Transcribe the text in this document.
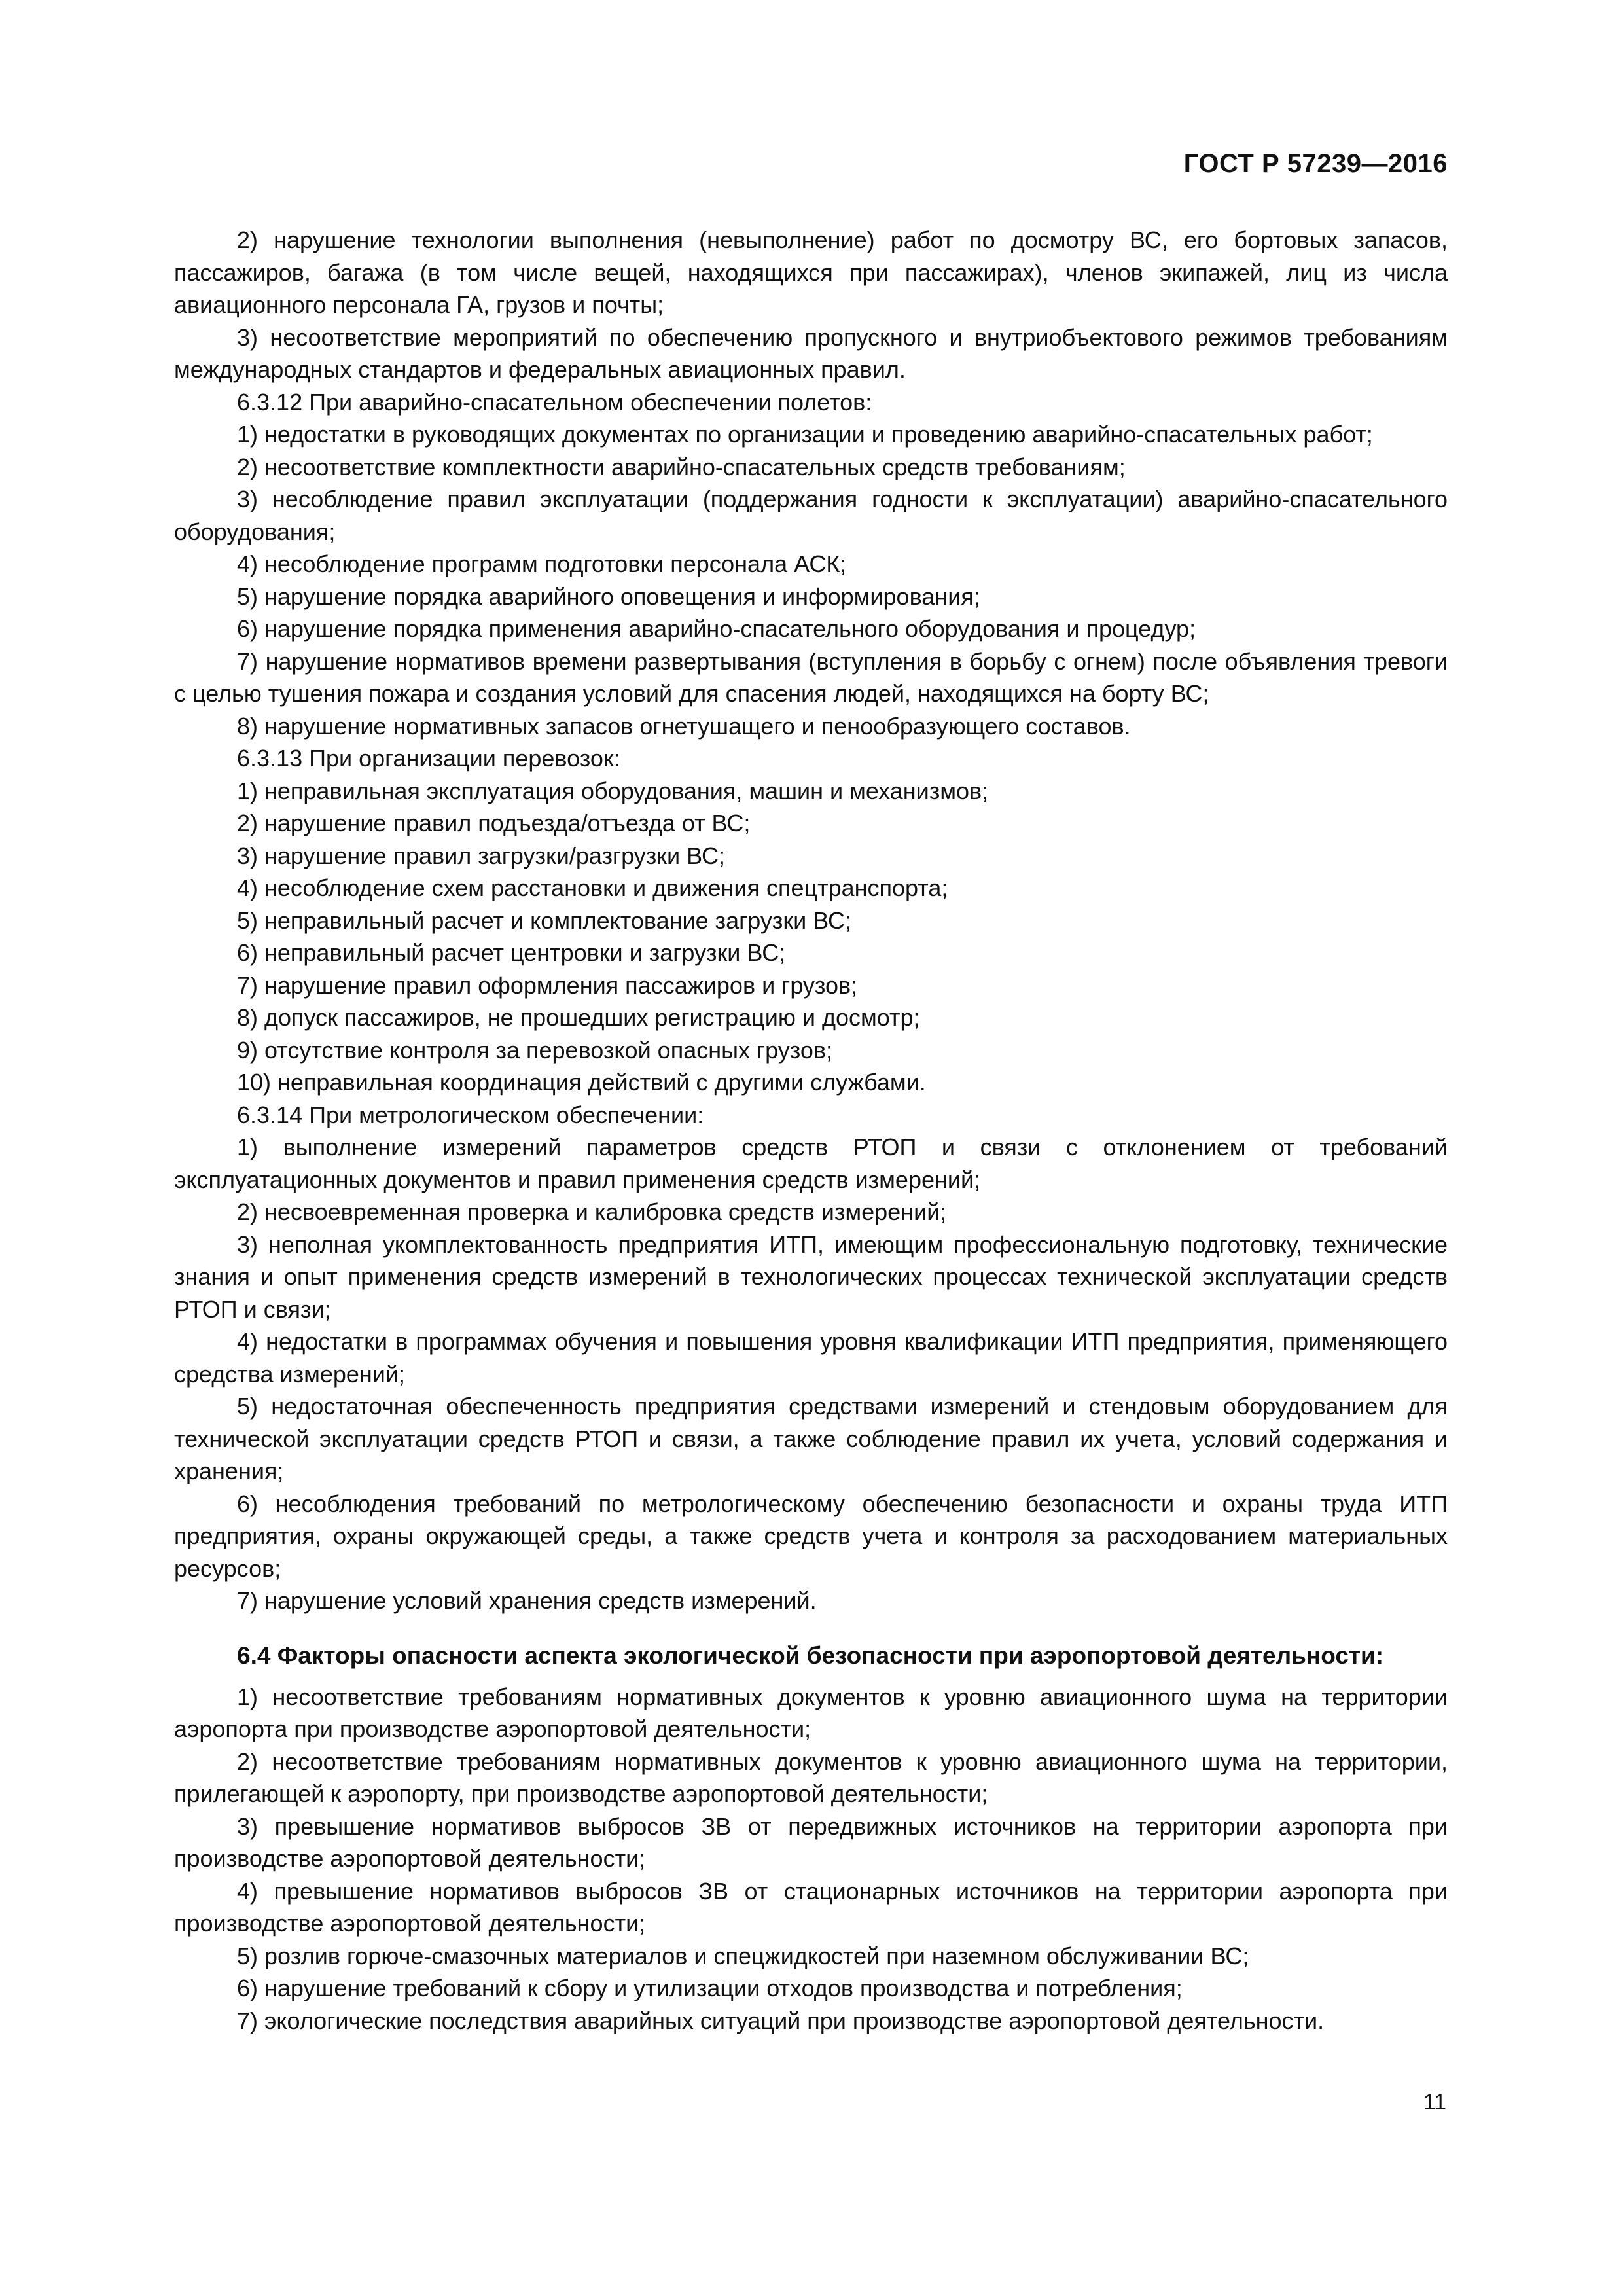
ГОСТ Р 57239—2016

2) нарушение технологии выполнения (невыполнение) работ по досмотру ВС, его бортовых запасов, пассажиров, багажа (в том числе вещей, находящихся при пассажирах), членов экипажей, лиц из числа авиационного персонала ГА, грузов и почты;

3) несоответствие мероприятий по обеспечению пропускного и внутриобъектового режимов требованиям международных стандартов и федеральных авиационных правил.

6.3.12 При аварийно-спасательном обеспечении полетов:

1) недостатки в руководящих документах по организации и проведению аварийно-спасательных работ;

2) несоответствие комплектности аварийно-спасательных средств требованиям;

3) несоблюдение правил эксплуатации (поддержания годности к эксплуатации) аварийно-спасательного оборудования;

4) несоблюдение программ подготовки персонала АСК;

5) нарушение порядка аварийного оповещения и информирования;

6) нарушение порядка применения аварийно-спасательного оборудования и процедур;

7) нарушение нормативов времени развертывания (вступления в борьбу с огнем) после объявления тревоги с целью тушения пожара и создания условий для спасения людей, находящихся на борту ВС;

8) нарушение нормативных запасов огнетушащего и пенообразующего составов.

6.3.13 При организации перевозок:

1) неправильная эксплуатация оборудования, машин и механизмов;

2) нарушение правил подъезда/отъезда от ВС;

3) нарушение правил загрузки/разгрузки ВС;

4) несоблюдение схем расстановки и движения спецтранспорта;

5) неправильный расчет и комплектование загрузки ВС;

6) неправильный расчет центровки и загрузки ВС;

7) нарушение правил оформления пассажиров и грузов;

8) допуск пассажиров, не прошедших регистрацию и досмотр;

9) отсутствие контроля за перевозкой опасных грузов;

10) неправильная координация действий с другими службами.

6.3.14 При метрологическом обеспечении:

1) выполнение измерений параметров средств РТОП и связи с отклонением от требований эксплуатационных документов и правил применения средств измерений;

2) несвоевременная проверка и калибровка средств измерений;

3) неполная укомплектованность предприятия ИТП, имеющим профессиональную подготовку, технические знания и опыт применения средств измерений в технологических процессах технической эксплуатации средств РТОП и связи;

4) недостатки в программах обучения и повышения уровня квалификации ИТП предприятия, применяющего средства измерений;

5) недостаточная обеспеченность предприятия средствами измерений и стендовым оборудованием для технической эксплуатации средств РТОП и связи, а также соблюдение правил их учета, условий содержания и хранения;

6) несоблюдения требований по метрологическому обеспечению безопасности и охраны труда ИТП предприятия, охраны окружающей среды, а также средств учета и контроля за расходованием материальных ресурсов;

7) нарушение условий хранения средств измерений.

6.4 Факторы опасности аспекта экологической безопасности при аэропортовой деятельности:

1) несоответствие требованиям нормативных документов к уровню авиационного шума на территории аэропорта при производстве аэропортовой деятельности;

2) несоответствие требованиям нормативных документов к уровню авиационного шума на территории, прилегающей к аэропорту, при производстве аэропортовой деятельности;

3) превышение нормативов выбросов ЗВ от передвижных источников на территории аэропорта при производстве аэропортовой деятельности;

4) превышение нормативов выбросов ЗВ от стационарных источников на территории аэропорта при производстве аэропортовой деятельности;

5) розлив горюче-смазочных материалов и спецжидкостей при наземном обслуживании ВС;

6) нарушение требований к сбору и утилизации отходов производства и потребления;

7) экологические последствия аварийных ситуаций при производстве аэропортовой деятельности.

11
